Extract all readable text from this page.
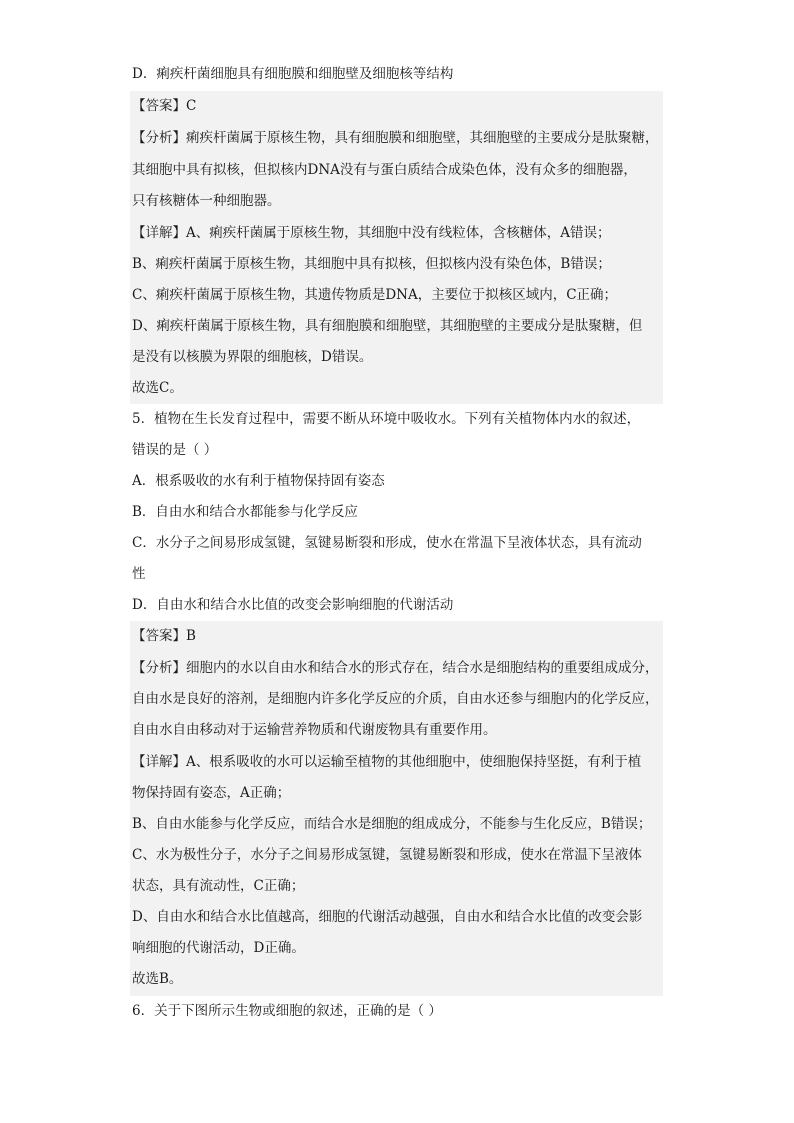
D．痢疾杆菌细胞具有细胞膜和细胞壁及细胞核等结构
【答案】C
【分析】痢疾杆菌属于原核生物，具有细胞膜和细胞壁，其细胞壁的主要成分是肽聚糖，
其细胞中具有拟核，但拟核内DNA没有与蛋白质结合成染色体，没有众多的细胞器，
只有核糖体一种细胞器。
【详解】A、痢疾杆菌属于原核生物，其细胞中没有线粒体，含核糖体，A错误；
B、痢疾杆菌属于原核生物，其细胞中具有拟核，但拟核内没有染色体，B错误；
C、痢疾杆菌属于原核生物，其遗传物质是DNA，主要位于拟核区域内，C正确；
D、痢疾杆菌属于原核生物，具有细胞膜和细胞壁，其细胞壁的主要成分是肽聚糖，但
是没有以核膜为界限的细胞核，D错误。
故选C。
5．植物在生长发育过程中，需要不断从环境中吸收水。下列有关植物体内水的叙述，
错误的是（ ）
A．根系吸收的水有利于植物保持固有姿态
B．自由水和结合水都能参与化学反应
C．水分子之间易形成氢键，氢键易断裂和形成，使水在常温下呈液体状态，具有流动
性
D．自由水和结合水比值的改变会影响细胞的代谢活动
【答案】B
【分析】细胞内的水以自由水和结合水的形式存在，结合水是细胞结构的重要组成成分，
自由水是良好的溶剂，是细胞内许多化学反应的介质，自由水还参与细胞内的化学反应，
自由水自由移动对于运输营养物质和代谢废物具有重要作用。
【详解】A、根系吸收的水可以运输至植物的其他细胞中，使细胞保持坚挺，有利于植
物保持固有姿态，A正确；
B、自由水能参与化学反应，而结合水是细胞的组成成分，不能参与生化反应，B错误；
C、水为极性分子，水分子之间易形成氢键，氢键易断裂和形成，使水在常温下呈液体
状态，具有流动性，C正确；
D、自由水和结合水比值越高，细胞的代谢活动越强，自由水和结合水比值的改变会影
响细胞的代谢活动，D正确。
故选B。
6．关于下图所示生物或细胞的叙述，正确的是（ ）
